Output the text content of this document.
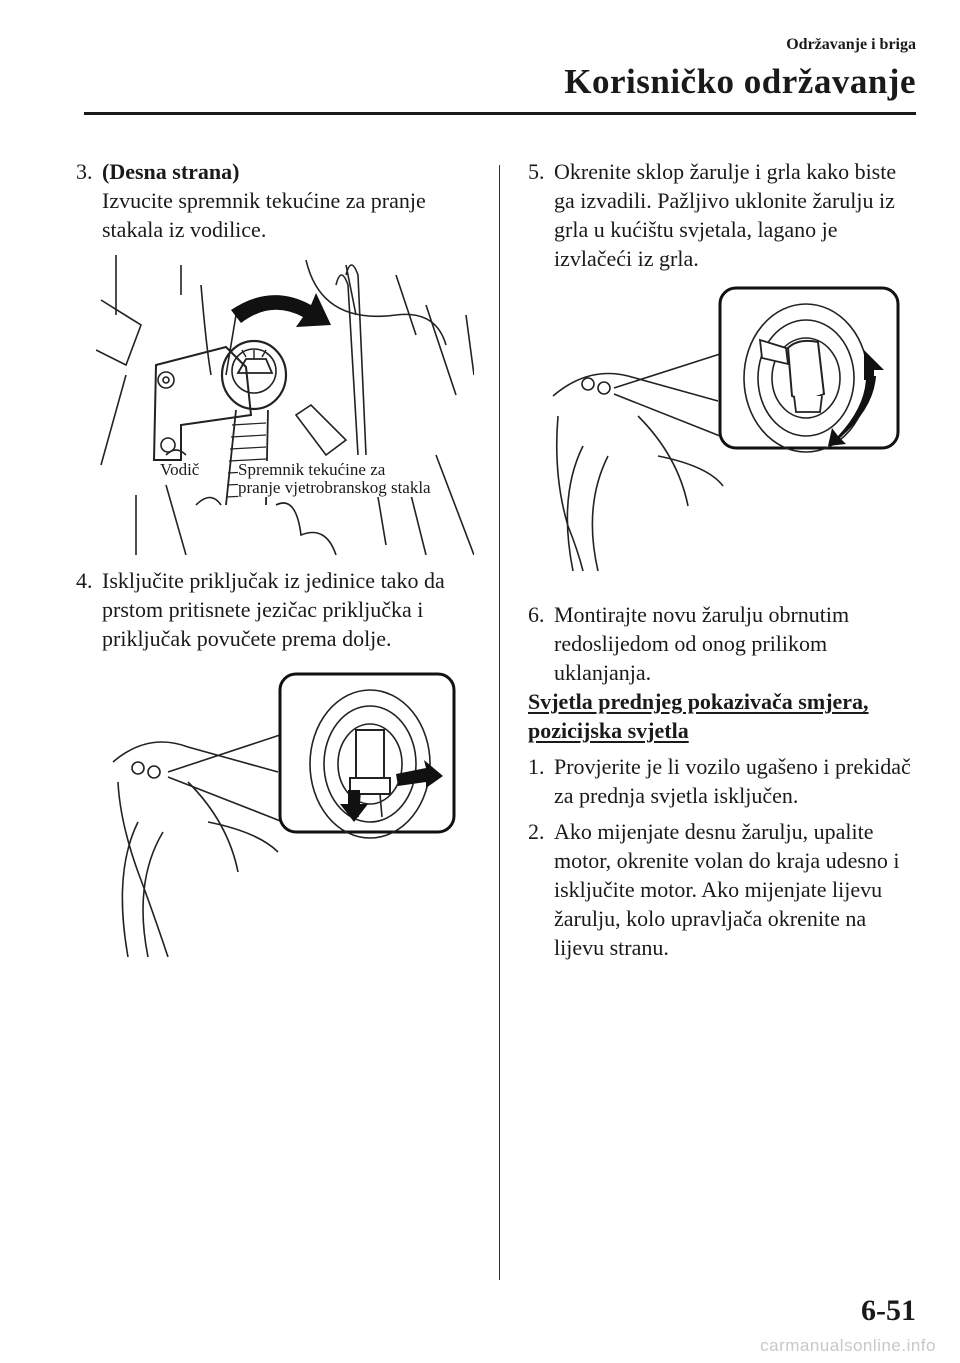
Održavanje i briga
Korisničko održavanje
3. (Desna strana)
Izvucite spremnik tekućine za pranje stakala iz vodilice.
Vodič Spremnik tekućine za
pranje vjetrobranskog stakla
4. Isključite priključak iz jedinice tako da prstom pritisnete jezičac priključka i priključak povučete prema dolje.
5. Okrenite sklop žarulje i grla kako biste ga izvadili. Pažljivo uklonite žarulju iz grla u kućištu svjetala, lagano je izvlačeći iz grla.
6. Montirajte novu žarulju obrnutim redoslijedom od onog prilikom uklanjanja.
Svjetla prednjeg pokazivača smjera, pozicijska svjetla
1. Provjerite je li vozilo ugašeno i prekidač za prednja svjetla isključen.
2. Ako mijenjate desnu žarulju, upalite motor, okrenite volan do kraja udesno i isključite motor. Ako mijenjate lijevu žarulju, kolo upravljača okrenite na lijevu stranu.
6-51
carmanualsonline.info
